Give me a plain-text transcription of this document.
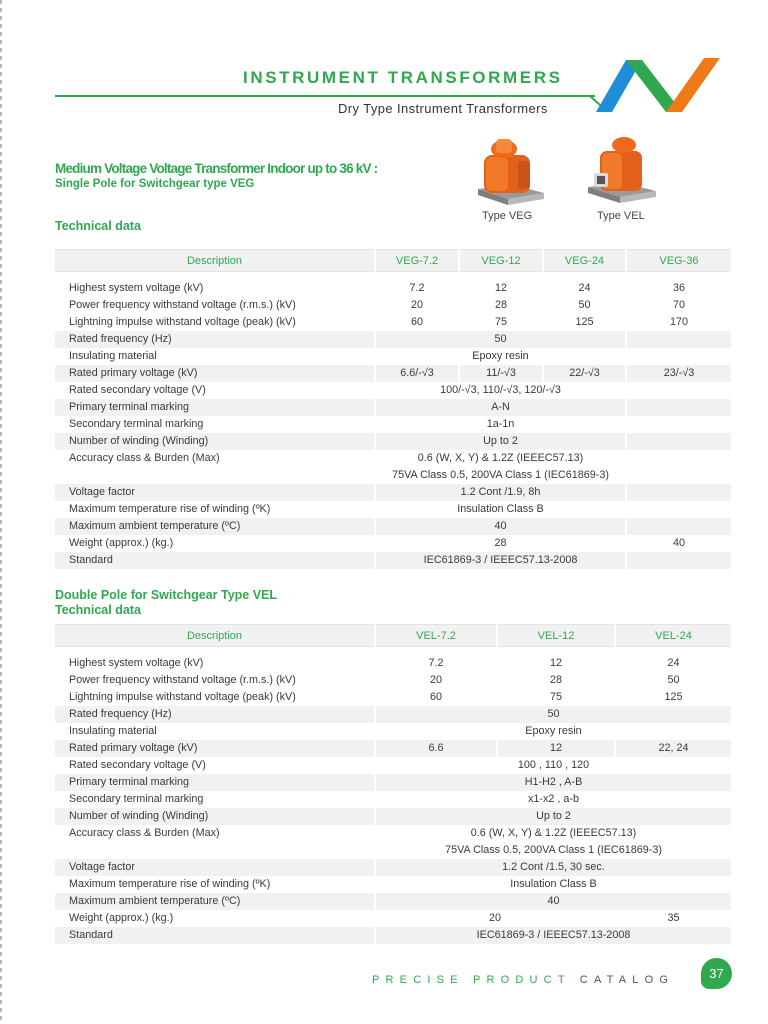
INSTRUMENT TRANSFORMERS
Dry Type Instrument Transformers
Medium Voltage Voltage Transformer Indoor up to 36 kV :
Single Pole for Switchgear type VEG
Technical data
Type VEG	Type VEL
Description	VEG-7.2	VEG-12	VEG-24	VEG-36

Highest system voltage (kV)	7.2	12	24	36
Power frequency withstand voltage (r.m.s.) (kV)	20	28	50	70
Lightning impulse withstand voltage (peak) (kV)	60	75	125	170
Rated frequency (Hz)	50			
Insulating material	Epoxy resin			
Rated primary voltage (kV)	6.6/-√3	11/-√3	22/-√3	23/-√3
Rated secondary voltage (V)	100/-√3, 110/-√3, 120/-√3			
Primary terminal marking	A-N			
Secondary terminal marking	1a-1n			
Number of winding (Winding)	Up to 2			
Accuracy class & Burden (Max)	0.6 (W, X, Y) & 1.2Z (IEEEC57.13)			
	75VA Class 0.5, 200VA Class 1 (IEC61869-3)			
Voltage factor	1.2 Cont /1.9, 8h			
Maximum temperature rise of winding (ºK)	Insulation Class B			
Maximum ambient temperature (ºC)	40			
Weight (approx.) (kg.)	28			40
Standard	IEC61869-3 / IEEEC57.13-2008			
Double Pole for Switchgear Type VEL
Technical data
Description	VEL-7.2	VEL-12	VEL-24

Highest system voltage (kV)	7.2	12	24
Power frequency withstand voltage (r.m.s.) (kV)	20	28	50
Lightning impulse withstand voltage (peak) (kV)	60	75	125
Rated frequency (Hz)	50		
Insulating material	Epoxy resin		
Rated primary voltage (kV)	6.6	12	22, 24
Rated secondary voltage (V)	100 , 110 , 120		
Primary terminal marking	H1-H2 , A-B		
Secondary terminal marking	x1-x2 , a-b		
Number of winding (Winding)	Up to 2		
Accuracy class & Burden (Max)	0.6 (W, X, Y) & 1.2Z (IEEEC57.13)		
	75VA Class 0.5, 200VA Class 1 (IEC61869-3)		
Voltage factor	1.2 Cont /1.5, 30 sec.		
Maximum temperature rise of winding (ºK)	Insulation Class B		
Maximum ambient temperature (ºC)	40		
Weight (approx.) (kg.)	20		35
Standard	IEC61869-3 / IEEEC57.13-2008		
PRECISE PRODUCT CATALOG	37
